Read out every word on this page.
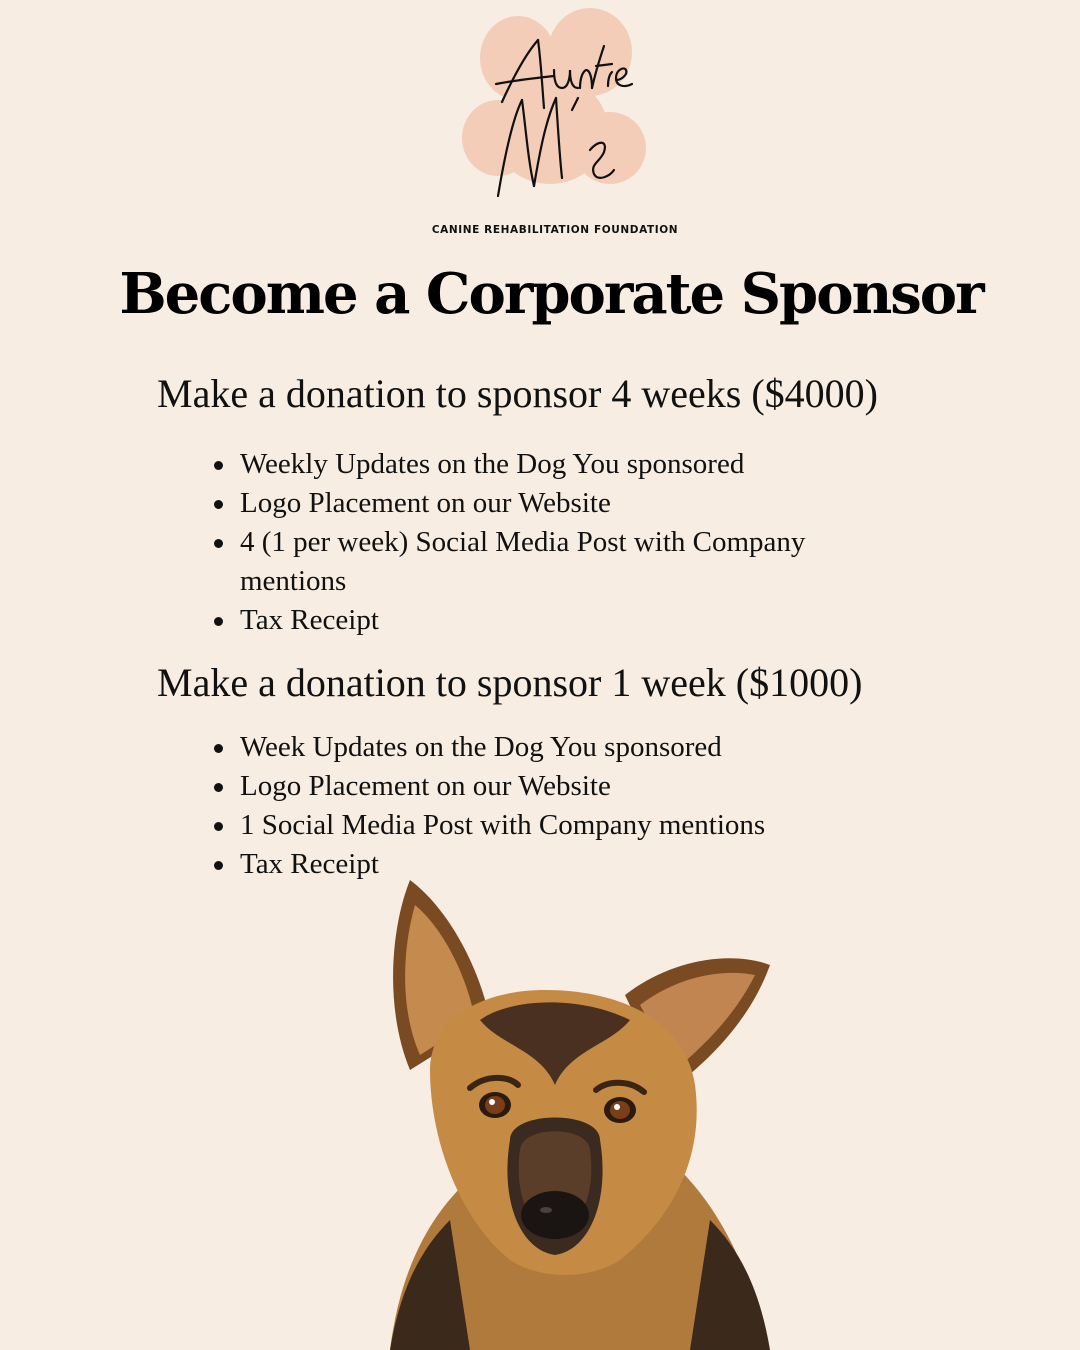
CANINE REHABILITATION FOUNDATION
Become a Corporate Sponsor
Make a donation to sponsor 4 weeks ($4000)
Weekly Updates on the Dog You sponsored
Logo Placement on our Website
4 (1 per week) Social Media Post with Company mentions
Tax Receipt
Make a donation to sponsor 1 week ($1000)
Week Updates on the Dog You sponsored
Logo Placement on our Website
1 Social Media Post with Company mentions
Tax Receipt
